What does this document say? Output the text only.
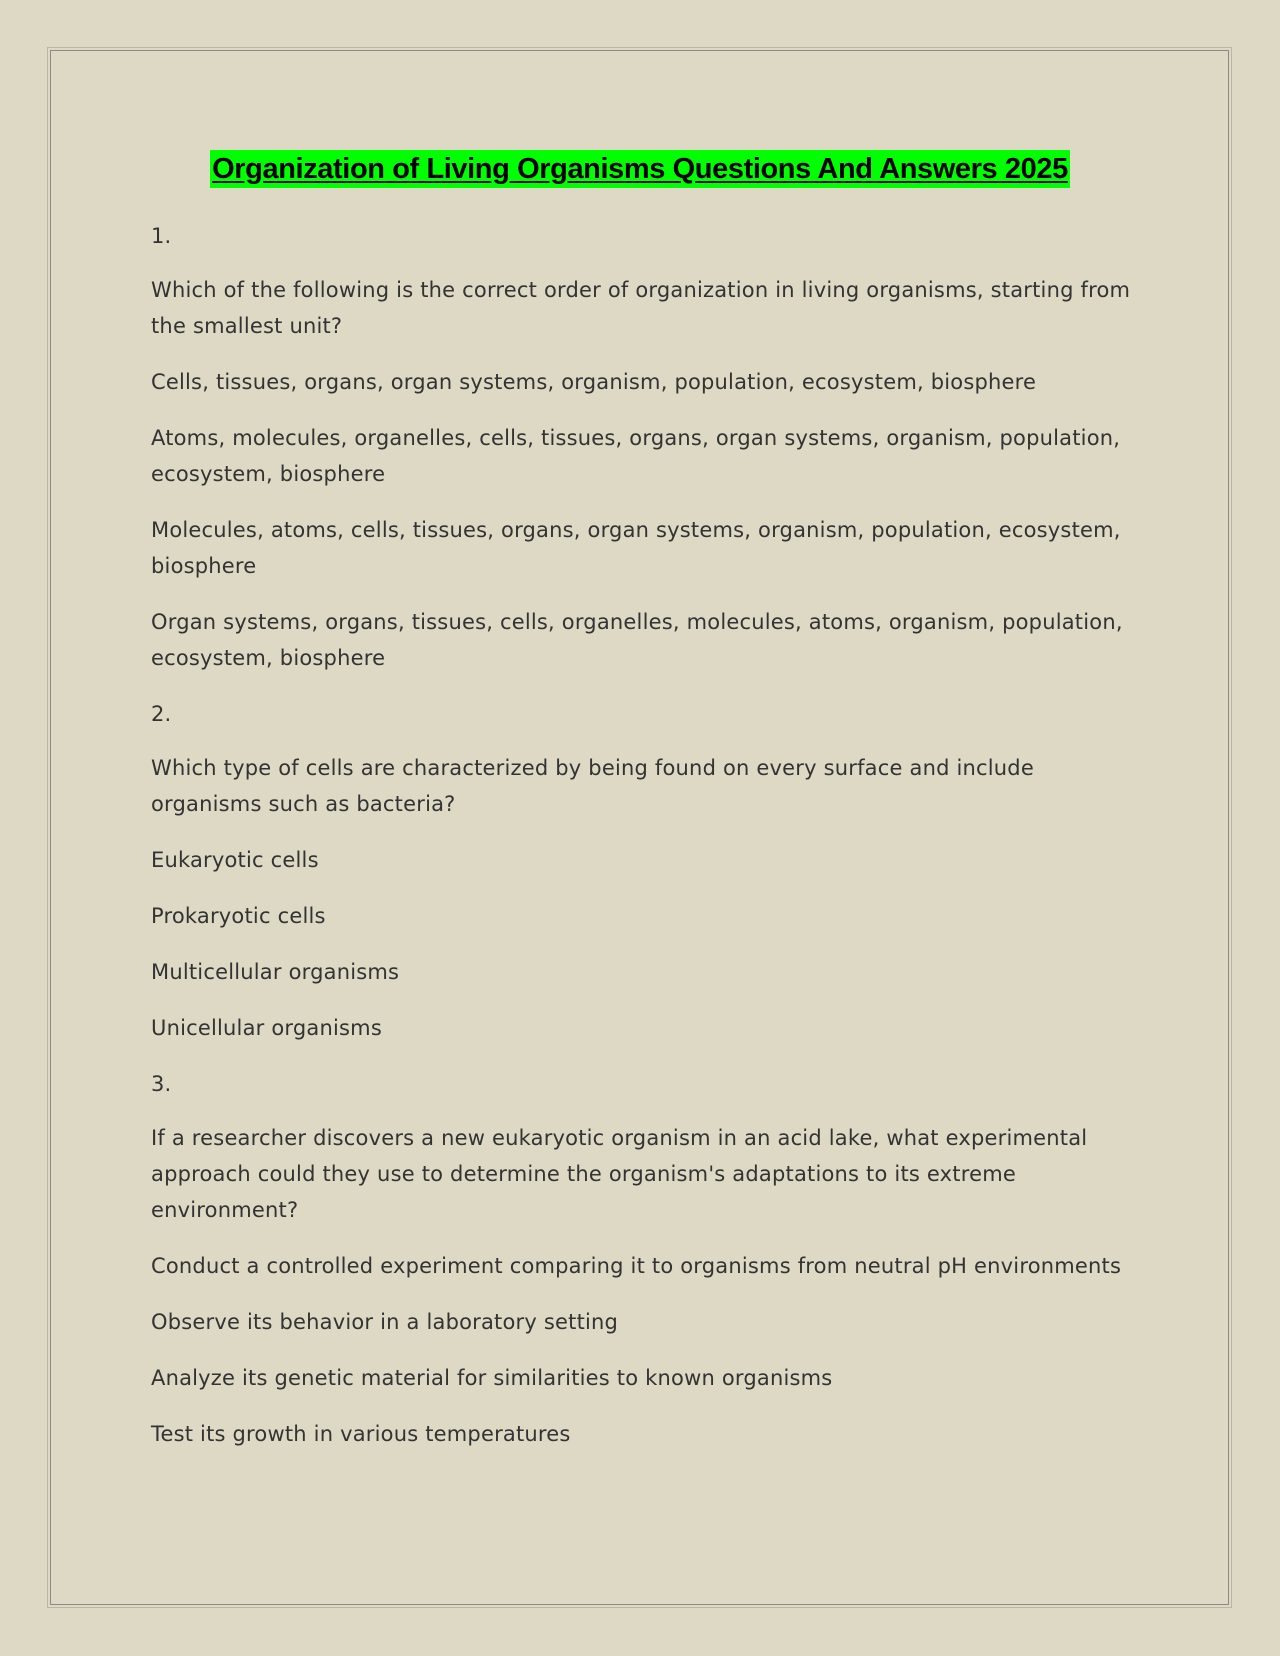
Organization of Living Organisms Questions And Answers 2025

1.

Which of the following is the correct order of organization in living organisms, starting from the smallest unit?

Cells, tissues, organs, organ systems, organism, population, ecosystem, biosphere

Atoms, molecules, organelles, cells, tissues, organs, organ systems, organism, population, ecosystem, biosphere

Molecules, atoms, cells, tissues, organs, organ systems, organism, population, ecosystem, biosphere

Organ systems, organs, tissues, cells, organelles, molecules, atoms, organism, population, ecosystem, biosphere

2.

Which type of cells are characterized by being found on every surface and include organisms such as bacteria?

Eukaryotic cells

Prokaryotic cells

Multicellular organisms

Unicellular organisms

3.

If a researcher discovers a new eukaryotic organism in an acid lake, what experimental approach could they use to determine the organism's adaptations to its extreme environment?

Conduct a controlled experiment comparing it to organisms from neutral pH environments

Observe its behavior in a laboratory setting

Analyze its genetic material for similarities to known organisms

Test its growth in various temperatures
